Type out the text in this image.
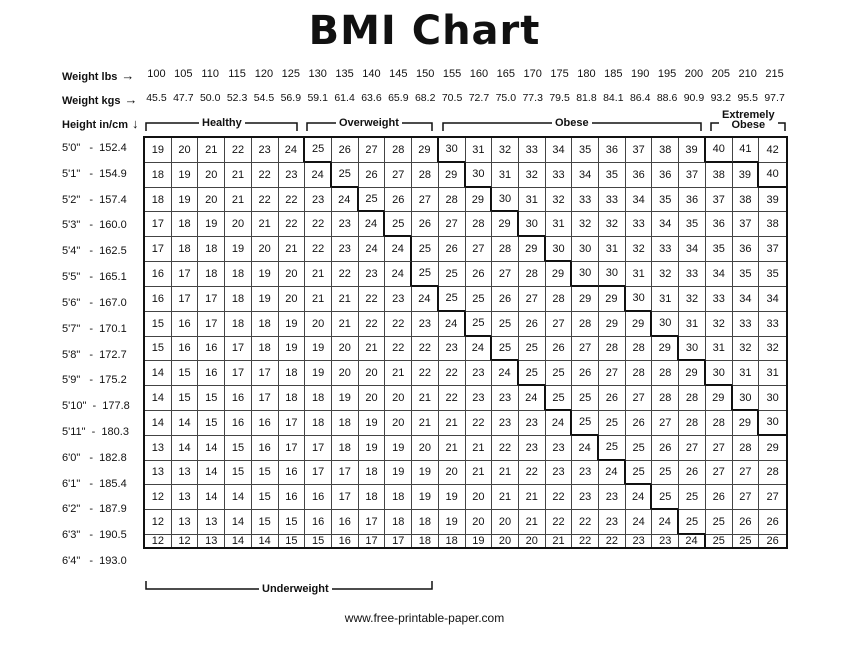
BMI Chart
Weight lbs →
Weight kgs →
Height in/cm ↓
100 105 110 115 120 125 130 135 140 145 150 155 160 165 170 175 180 185 190 195 200 205 210 215
45.5 47.7 50.0 52.3 54.5 56.9 59.1 61.4 63.6 65.9 68.2 70.5 72.7 75.0 77.3 79.5 81.8 84.1 86.4 88.6 90.9 93.2 95.5 97.7
Healthy	Overweight	Obese
Extremely
Obese
Underweight
5'0"   -  152.4
5'1"   -  154.9
5'2"   -  157.4
5'3"   -  160.0
5'4"   -  162.5
5'5"   -  165.1
5'6"   -  167.0
5'7"   -  170.1
5'8"   -  172.7
5'9"   -  175.2
5'10"  -  177.8
5'11"  -  180.3
6'0"   -  182.8
6'1"   -  185.4
6'2"   -  187.9
6'3"   -  190.5
6'4"   -  193.0
19	20	21	22	23	24	25	26	27	28	29	30	31	32	33	34	35	36	37	38	39	40	41	42
18	19	20	21	22	23	24	25	26	27	28	29	30	31	32	33	34	35	36	36	37	38	39	40
18	19	20	21	22	22	23	24	25	26	27	28	29	30	31	32	33	33	34	35	36	37	38	39
17	18	19	20	21	22	22	23	24	25	26	27	28	29	30	31	32	32	33	34	35	36	37	38
17	18	18	19	20	21	22	23	24	24	25	26	27	28	29	30	30	31	32	33	34	35	36	37
16	17	18	18	19	20	21	22	23	24	25	25	26	27	28	29	30	30	31	32	33	34	35	35
16	17	17	18	19	20	21	21	22	23	24	25	25	26	27	28	29	29	30	31	32	33	34	34
15	16	17	18	18	19	20	21	22	22	23	24	25	25	26	27	28	29	29	30	31	32	33	33
15	16	16	17	18	19	19	20	21	22	22	23	24	25	25	26	27	28	28	29	30	31	32	32
14	15	16	17	17	18	19	20	20	21	22	22	23	24	25	25	26	27	28	28	29	30	31	31
14	15	15	16	17	18	18	19	20	20	21	22	23	23	24	25	25	26	27	28	28	29	30	30
14	14	15	16	16	17	18	18	19	20	21	21	22	23	23	24	25	25	26	27	28	28	29	30
13	14	14	15	16	17	17	18	19	19	20	21	21	22	23	23	24	25	25	26	27	27	28	29
13	13	14	15	15	16	17	17	18	19	19	20	21	21	22	23	23	24	25	25	26	27	27	28
12	13	14	14	15	16	16	17	18	18	19	19	20	21	21	22	23	23	24	25	25	26	27	27
12	13	13	14	15	15	16	16	17	18	18	19	20	20	21	22	22	23	24	24	25	25	26	26
12	12	13	14	14	15	15	16	17	17	18	18	19	20	20	21	22	22	23	23	24	25	25	26
www.free-printable-paper.com
